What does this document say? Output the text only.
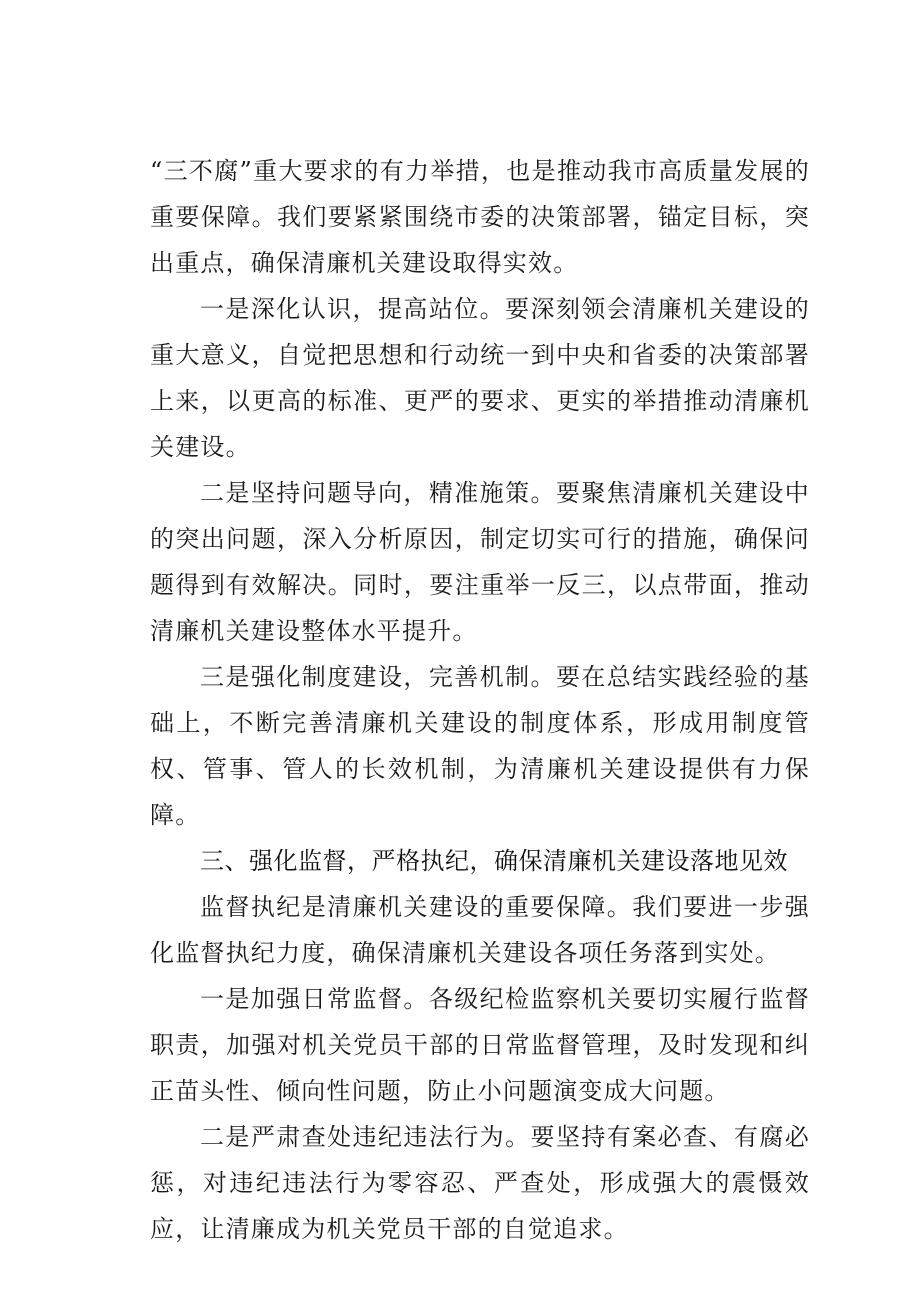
“三不腐”重大要求的有力举措，也是推动我市高质量发展的重要保障。我们要紧紧围绕市委的决策部署，锚定目标，突出重点，确保清廉机关建设取得实效。

一是深化认识，提高站位。要深刻领会清廉机关建设的重大意义，自觉把思想和行动统一到中央和省委的决策部署上来，以更高的标准、更严的要求、更实的举措推动清廉机关建设。

二是坚持问题导向，精准施策。要聚焦清廉机关建设中的突出问题，深入分析原因，制定切实可行的措施，确保问题得到有效解决。同时，要注重举一反三，以点带面，推动清廉机关建设整体水平提升。

三是强化制度建设，完善机制。要在总结实践经验的基础上，不断完善清廉机关建设的制度体系，形成用制度管权、管事、管人的长效机制，为清廉机关建设提供有力保障。

三、强化监督，严格执纪，确保清廉机关建设落地见效

监督执纪是清廉机关建设的重要保障。我们要进一步强化监督执纪力度，确保清廉机关建设各项任务落到实处。

一是加强日常监督。各级纪检监察机关要切实履行监督职责，加强对机关党员干部的日常监督管理，及时发现和纠正苗头性、倾向性问题，防止小问题演变成大问题。

二是严肃查处违纪违法行为。要坚持有案必查、有腐必惩，对违纪违法行为零容忍、严查处，形成强大的震慑效应，让清廉成为机关党员干部的自觉追求。
